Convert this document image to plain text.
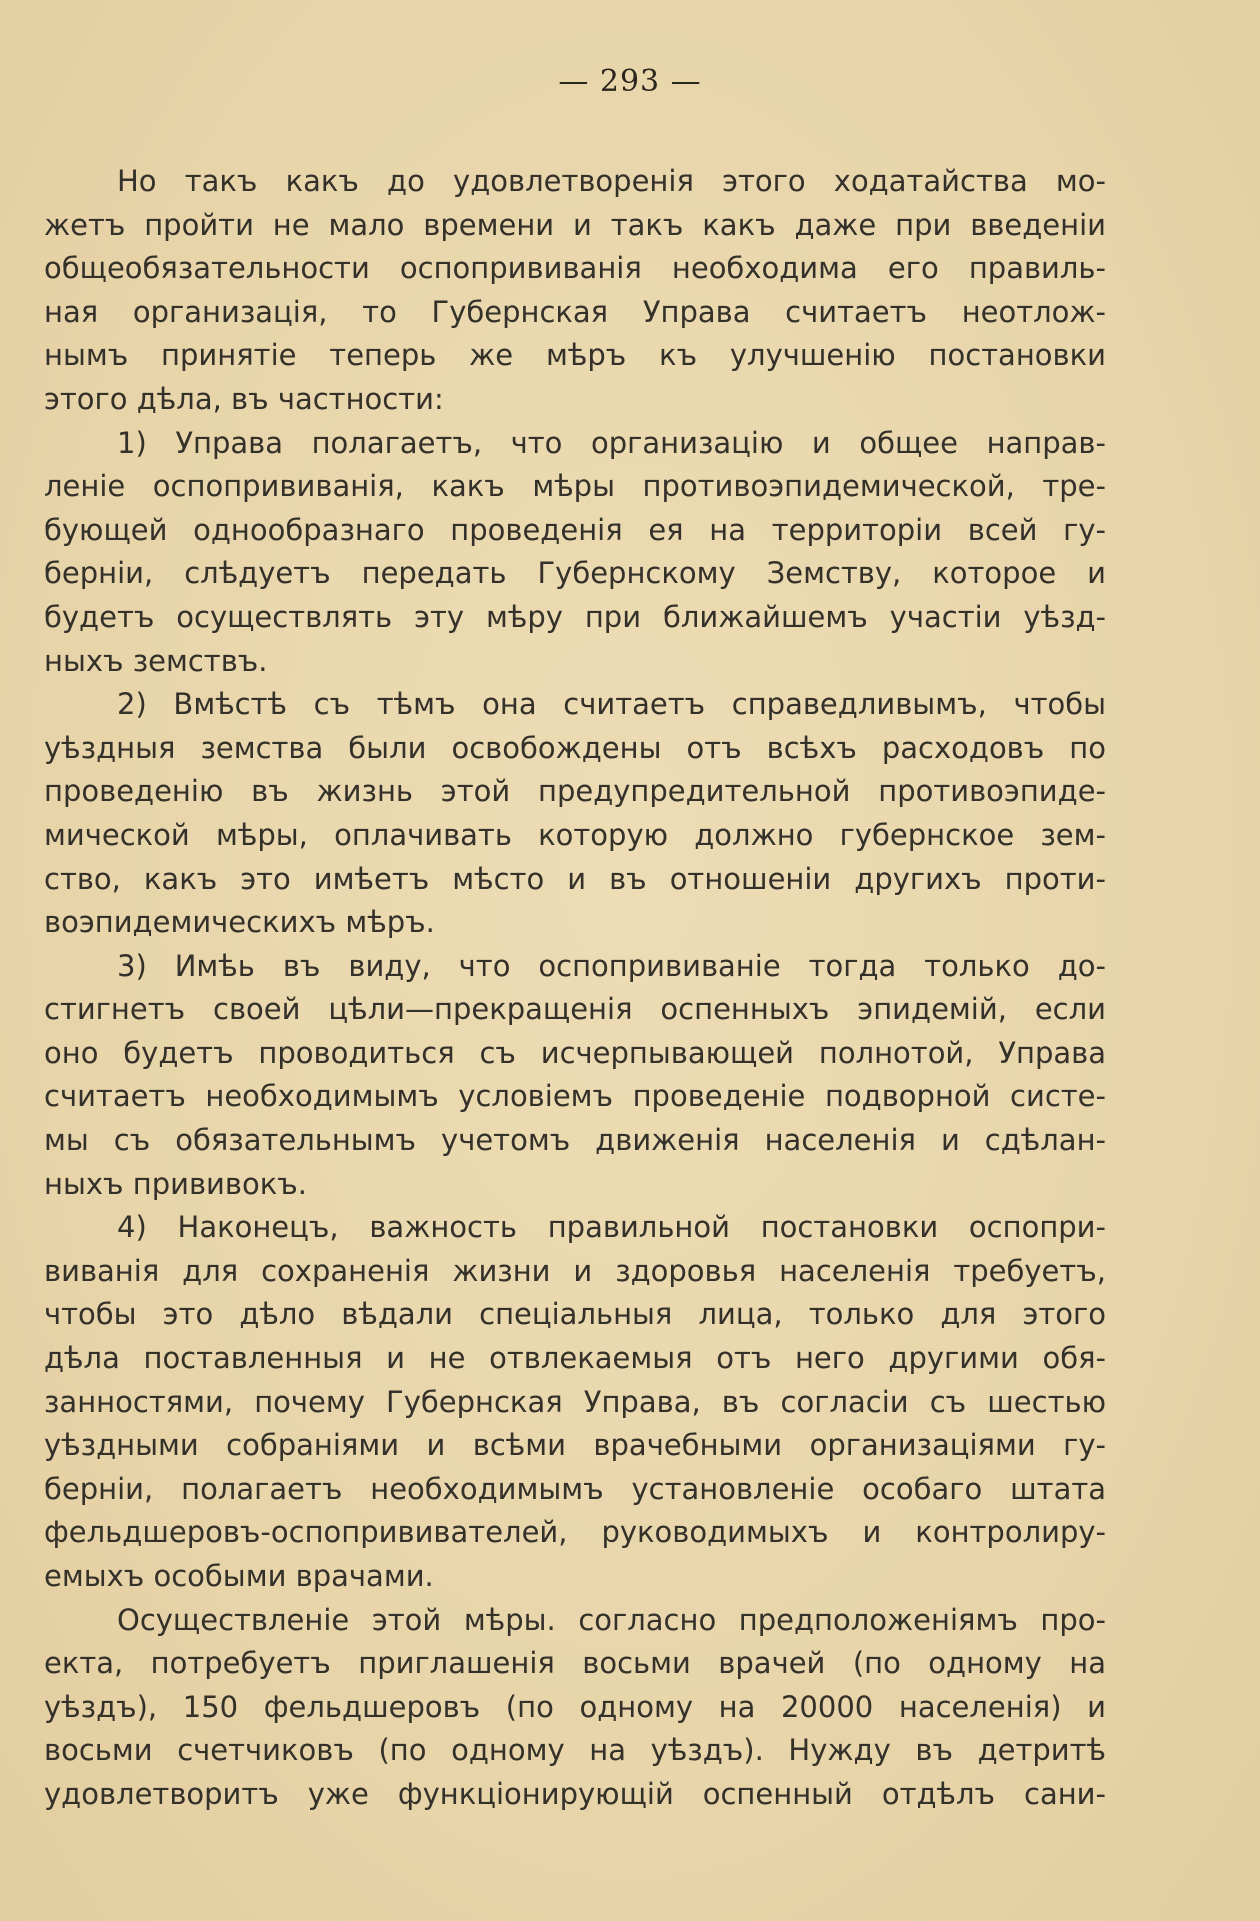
— 293 —
Но такъ какъ до удовлетворенія этого ходатайства мо-
жетъ пройти не мало времени и такъ какъ даже при введеніи
общеобязательности оспопрививанія необходима его правиль-
ная организація, то Губернская Управа считаетъ неотлож-
нымъ принятіе теперь же мѣръ къ улучшенію постановки
этого дѣла, въ частности:
1) Управа полагаетъ, что организацію и общее направ-
леніе оспопрививанія, какъ мѣры противоэпидемической, тре-
бующей однообразнаго проведенія ея на территоріи всей гу-
берніи, слѣдуетъ передать Губернскому Земству, которое и
будетъ осуществлять эту мѣру при ближайшемъ участіи уѣзд-
ныхъ земствъ.
2) Вмѣстѣ съ тѣмъ она считаетъ справедливымъ, чтобы
уѣздныя земства были освобождены отъ всѣхъ расходовъ по
проведенію въ жизнь этой предупредительной противоэпиде-
мической мѣры, оплачивать которую должно губернское зем-
ство, какъ это имѣетъ мѣсто и въ отношеніи другихъ проти-
воэпидемическихъ мѣръ.
3) Имѣь въ виду, что оспопрививаніе тогда только до-
стигнетъ своей цѣли—прекращенія оспенныхъ эпидемій, если
оно будетъ проводиться съ исчерпывающей полнотой, Управа
считаетъ необходимымъ условіемъ проведеніе подворной систе-
мы съ обязательнымъ учетомъ движенія населенія и сдѣлан-
ныхъ прививокъ.
4) Наконецъ, важность правильной постановки оспопри-
виванія для сохраненія жизни и здоровья населенія требуетъ,
чтобы это дѣло вѣдали спеціальныя лица, только для этого
дѣла поставленныя и не отвлекаемыя отъ него другими обя-
занностями, почему Губернская Управа, въ согласіи съ шестью
уѣздными собраніями и всѣми врачебными организаціями гу-
берніи, полагаетъ необходимымъ установленіе особаго штата
фельдшеровъ-оспопрививателей, руководимыхъ и контролиру-
емыхъ особыми врачами.
Осуществленіе этой мѣры. согласно предположеніямъ про-
екта, потребуетъ приглашенія восьми врачей (по одному на
уѣздъ), 150 фельдшеровъ (по одному на 20000 населенія) и
восьми счетчиковъ (по одному на уѣздъ). Нужду въ детритѣ
удовлетворитъ уже функціонирующій оспенный отдѣлъ сани-
